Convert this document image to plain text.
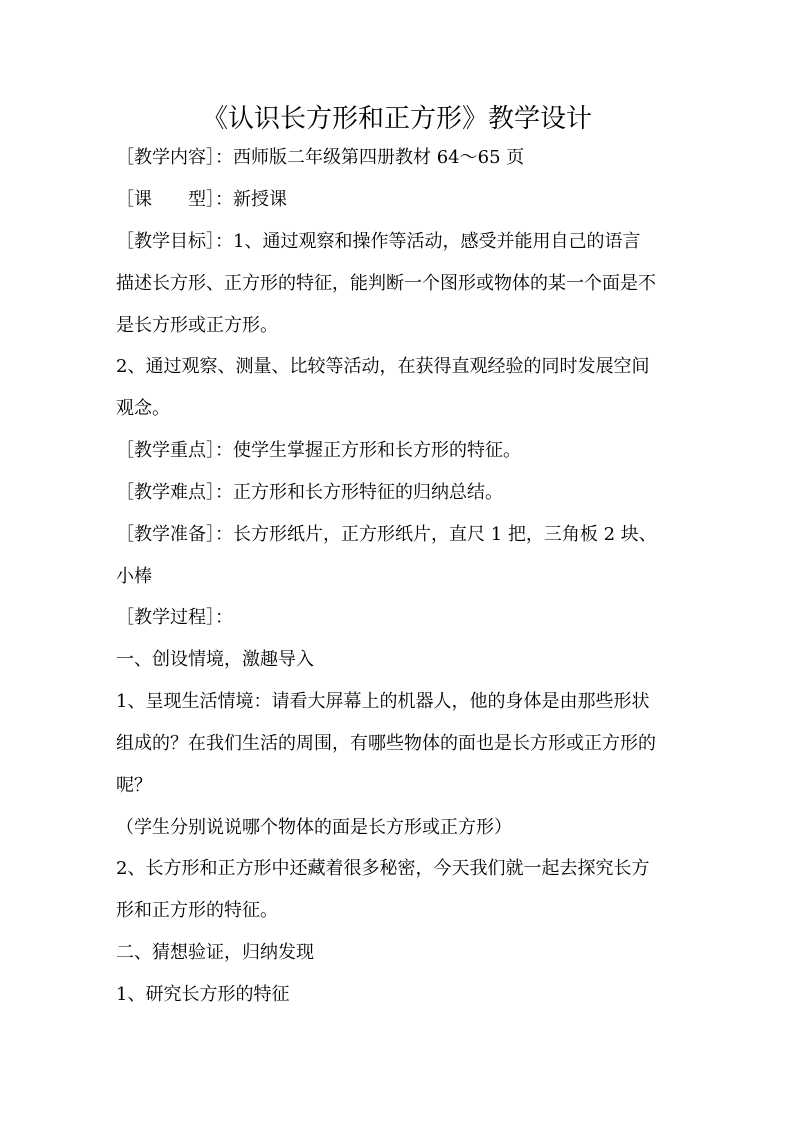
《认识长方形和正方形》教学设计
［教学内容］：西师版二年级第四册教材 64～65 页
［课　　型］：新授课
［教学目标］：1、通过观察和操作等活动，感受并能用自己的语言
描述长方形、正方形的特征，能判断一个图形或物体的某一个面是不
是长方形或正方形。
2、通过观察、测量、比较等活动，在获得直观经验的同时发展空间
观念。
［教学重点］：使学生掌握正方形和长方形的特征。
［教学难点］：正方形和长方形特征的归纳总结。
［教学准备］：长方形纸片，正方形纸片，直尺 1 把，三角板 2 块、
小棒
［教学过程］：
一、创设情境，激趣导入
1、呈现生活情境：请看大屏幕上的机器人，他的身体是由那些形状
组成的？在我们生活的周围，有哪些物体的面也是长方形或正方形的
呢？
（学生分别说说哪个物体的面是长方形或正方形）
2、长方形和正方形中还藏着很多秘密，今天我们就一起去探究长方
形和正方形的特征。
二、猜想验证，归纳发现
1、研究长方形的特征
